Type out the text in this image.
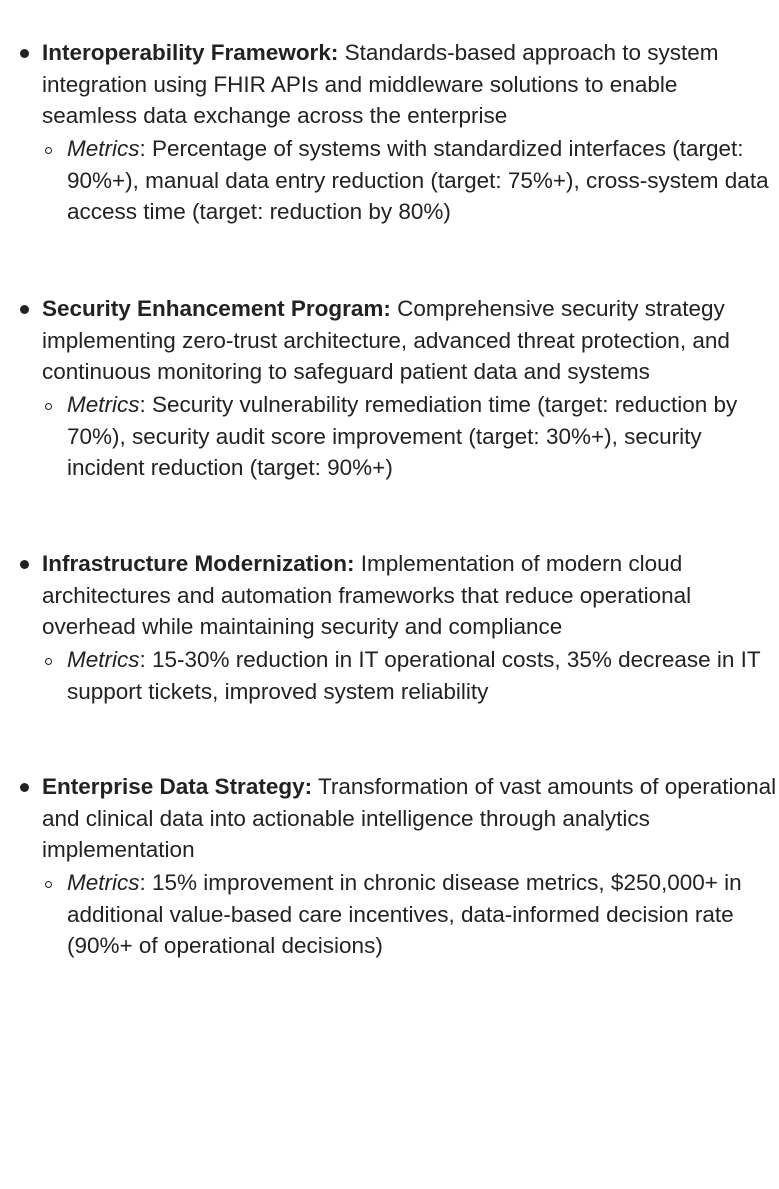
Interoperability Framework: Standards-based approach to system
integration using FHIR APIs and middleware solutions to enable
seamless data exchange across the enterprise
Metrics: Percentage of systems with standardized interfaces (target:
90%+), manual data entry reduction (target: 75%+), cross-system data
access time (target: reduction by 80%)
Security Enhancement Program: Comprehensive security strategy
implementing zero-trust architecture, advanced threat protection, and
continuous monitoring to safeguard patient data and systems
Metrics: Security vulnerability remediation time (target: reduction by
70%), security audit score improvement (target: 30%+), security
incident reduction (target: 90%+)
Infrastructure Modernization: Implementation of modern cloud
architectures and automation frameworks that reduce operational
overhead while maintaining security and compliance
Metrics: 15-30% reduction in IT operational costs, 35% decrease in IT
support tickets, improved system reliability
Enterprise Data Strategy: Transformation of vast amounts of operational
and clinical data into actionable intelligence through analytics
implementation
Metrics: 15% improvement in chronic disease metrics, $250,000+ in
additional value-based care incentives, data-informed decision rate
(90%+ of operational decisions)
